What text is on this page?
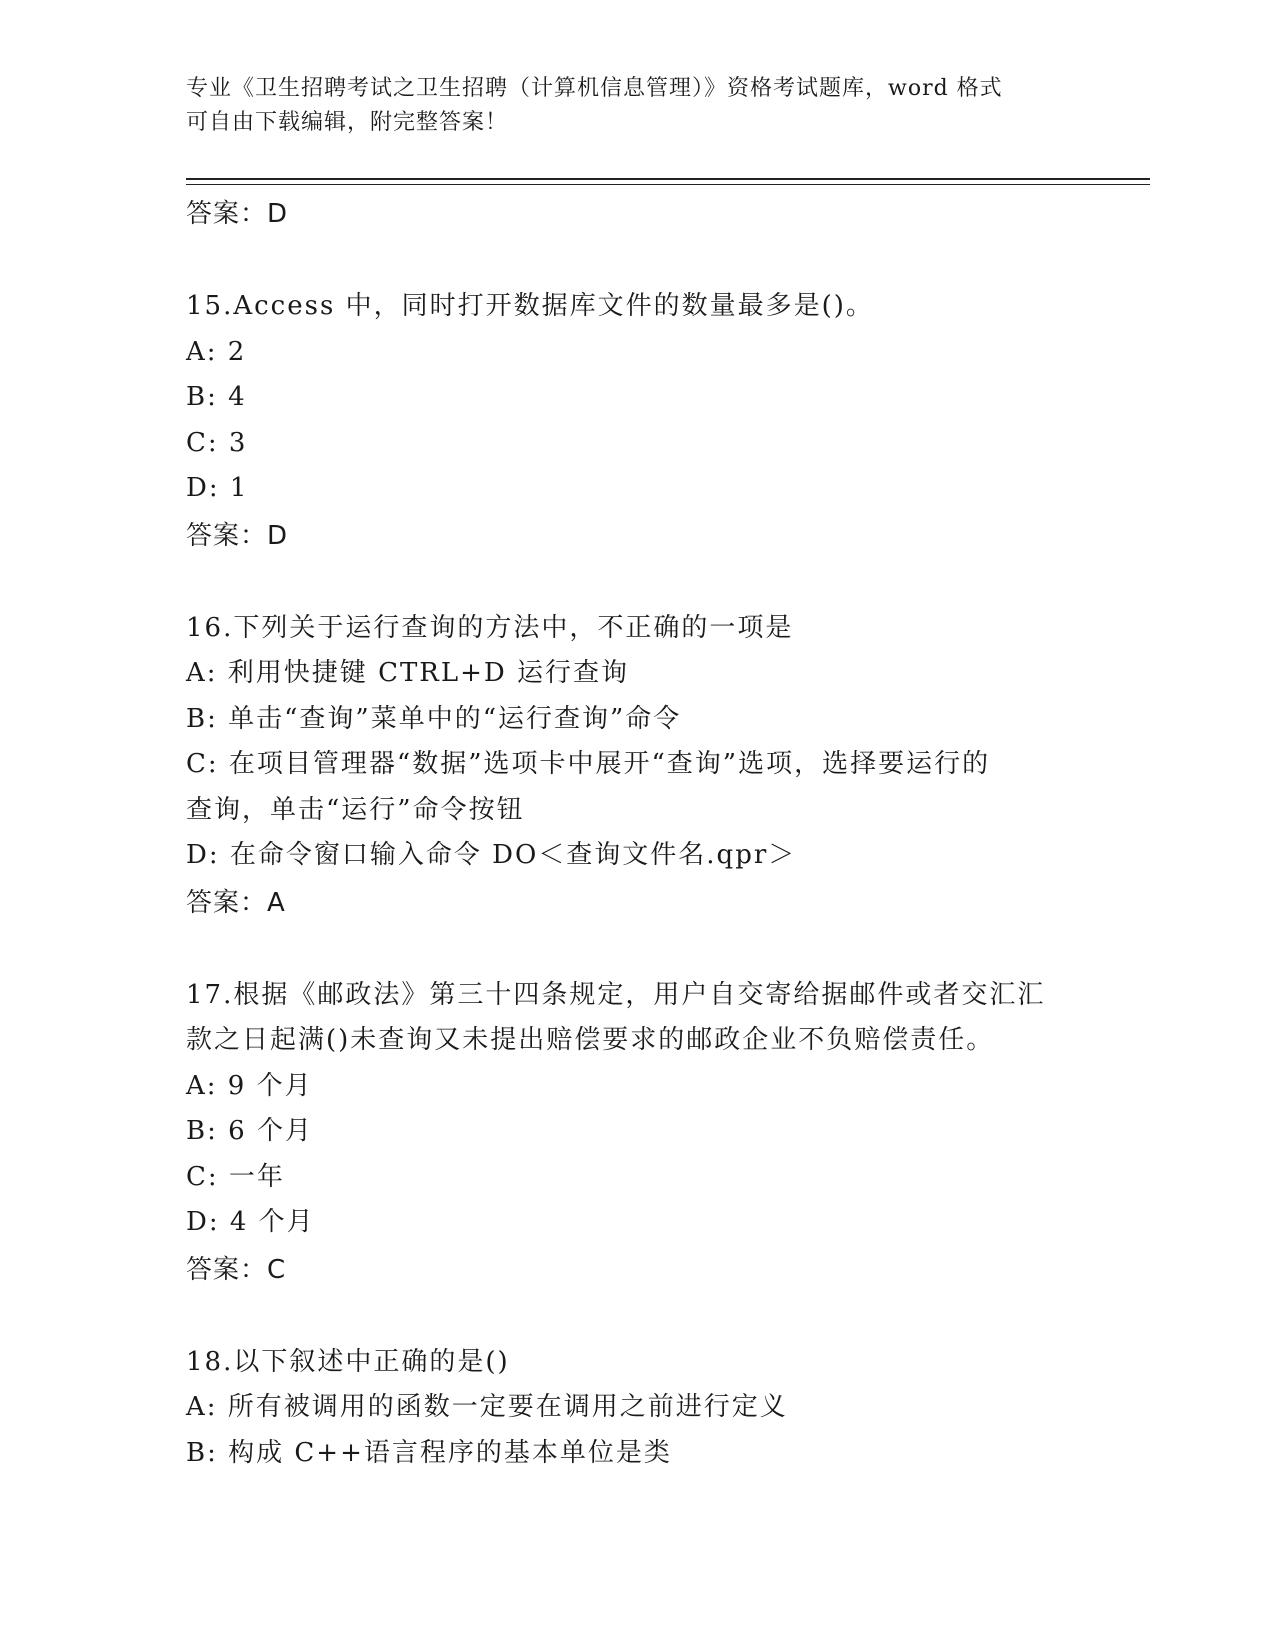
专业《卫生招聘考试之卫生招聘（计算机信息管理）》资格考试题库，word 格式
可自由下载编辑，附完整答案！
答案：D
15.Access 中，同时打开数据库文件的数量最多是()。
A: 2
B: 4
C: 3
D: 1
答案：D
16.下列关于运行查询的方法中，不正确的一项是
A: 利用快捷键 CTRL+D 运行查询
B: 单击“查询”菜单中的“运行查询”命令
C: 在项目管理器“数据”选项卡中展开“查询”选项，选择要运行的
查询，单击“运行”命令按钮
D: 在命令窗口输入命令 DO＜查询文件名.qpr＞
答案：A
17.根据《邮政法》第三十四条规定，用户自交寄给据邮件或者交汇汇
款之日起满()未查询又未提出赔偿要求的邮政企业不负赔偿责任。
A: 9 个月
B: 6 个月
C: 一年
D: 4 个月
答案：C
18.以下叙述中正确的是()
A: 所有被调用的函数一定要在调用之前进行定义
B: 构成 C++语言程序的基本单位是类
